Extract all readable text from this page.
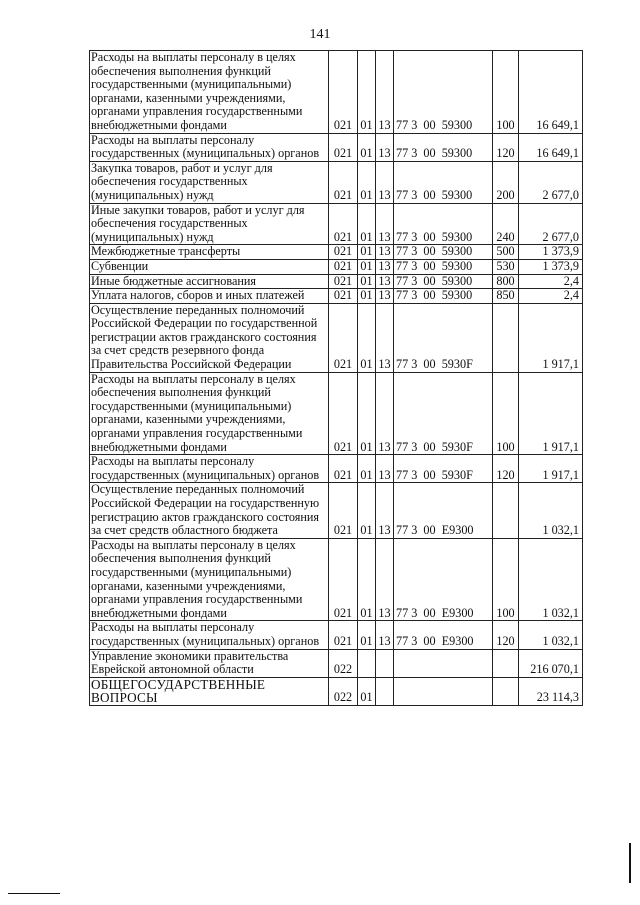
141
Расходы на выплаты персоналу в целях обеспечения выполнения функций государственными (муниципальными) органами, казенными учреждениями, органами управления государственными внебюджетными фондами	021	01	13	77 3  00  59300	100	16 649,1
Расходы на выплаты персоналу государственных (муниципальных) органов	021	01	13	77 3  00  59300	120	16 649,1
Закупка товаров, работ и услуг для обеспечения государственных (муниципальных) нужд	021	01	13	77 3  00  59300	200	2 677,0
Иные закупки товаров, работ и услуг для обеспечения государственных (муниципальных) нужд	021	01	13	77 3  00  59300	240	2 677,0
Межбюджетные трансферты	021	01	13	77 3  00  59300	500	1 373,9
Субвенции	021	01	13	77 3  00  59300	530	1 373,9
Иные бюджетные ассигнования	021	01	13	77 3  00  59300	800	2,4
Уплата налогов, сборов и иных платежей	021	01	13	77 3  00  59300	850	2,4
Осуществление переданных полномочий Российской Федерации по государственной регистрации актов гражданского состояния за счет средств резервного фонда Правительства Российской Федерации	021	01	13	77 3  00  5930F		1 917,1
Расходы на выплаты персоналу в целях обеспечения выполнения функций государственными (муниципальными) органами, казенными учреждениями, органами управления государственными внебюджетными фондами	021	01	13	77 3  00  5930F	100	1 917,1
Расходы на выплаты персоналу государственных (муниципальных) органов	021	01	13	77 3  00  5930F	120	1 917,1
Осуществление переданных полномочий Российской Федерации на государственную регистрацию актов гражданского состояния за счет средств областного бюджета	021	01	13	77 3  00  E9300		1 032,1
Расходы на выплаты персоналу в целях обеспечения выполнения функций государственными (муниципальными) органами, казенными учреждениями, органами управления государственными внебюджетными фондами	021	01	13	77 3  00  E9300	100	1 032,1
Расходы на выплаты персоналу государственных (муниципальных) органов	021	01	13	77 3  00  E9300	120	1 032,1
Управление экономики правительства Еврейской автономной области	022					216 070,1
ОБЩЕГОСУДАРСТВЕННЫЕ ВОПРОСЫ	022	01				23 114,3
